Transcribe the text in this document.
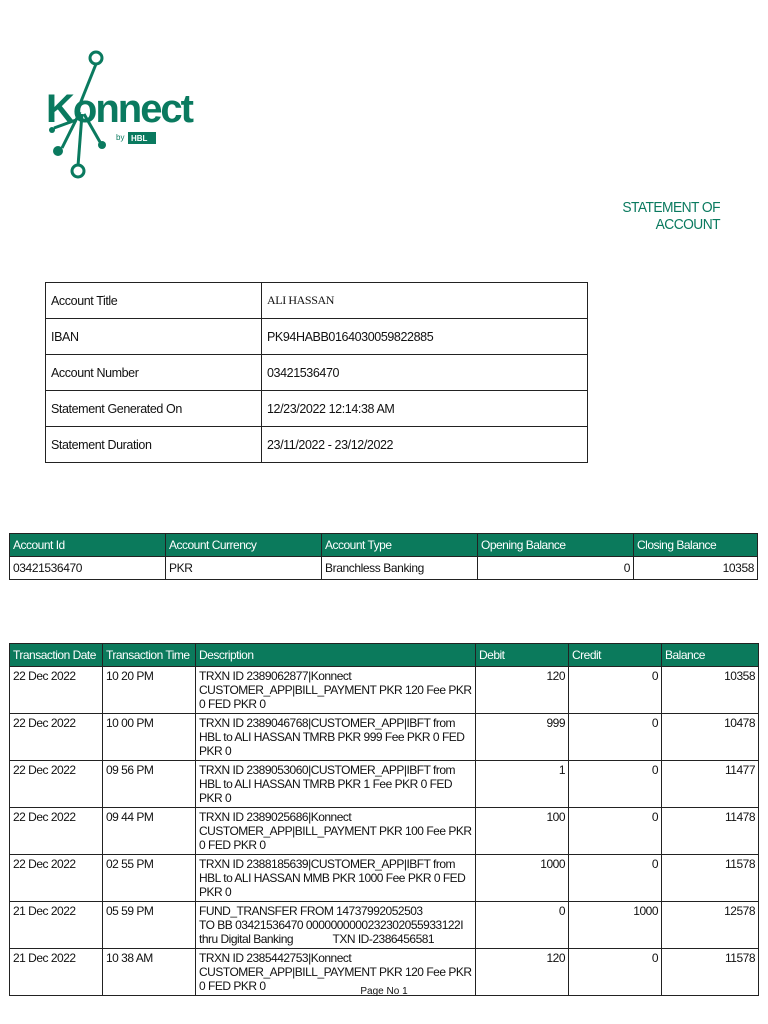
Konnect
by HBL
STATEMENT OF ACCOUNT
Account Title	ALI HASSAN
IBAN	PK94HABB0164030059822885
Account Number	03421536470
Statement Generated On	12/23/2022 12:14:38 AM
Statement Duration	23/11/2022 - 23/12/2022
Account Id	Account Currency	Account Type	Opening Balance	Closing Balance
03421536470	PKR	Branchless Banking	0	10358
Transaction Date	Transaction Time	Description	Debit	Credit	Balance
22 Dec 2022	10 20 PM	TRXN ID 2389062877|Konnect CUSTOMER_APP|BILL_PAYMENT PKR 120 Fee PKR 0 FED PKR 0	120	0	10358
22 Dec 2022	10 00 PM	TRXN ID 2389046768|CUSTOMER_APP|IBFT from HBL to ALI HASSAN TMRB PKR 999 Fee PKR 0 FED PKR 0	999	0	10478
22 Dec 2022	09 56 PM	TRXN ID 2389053060|CUSTOMER_APP|IBFT from HBL to ALI HASSAN TMRB PKR 1 Fee PKR 0 FED PKR 0	1	0	11477
22 Dec 2022	09 44 PM	TRXN ID 2389025686|Konnect CUSTOMER_APP|BILL_PAYMENT PKR 100 Fee PKR 0 FED PKR 0	100	0	11478
22 Dec 2022	02 55 PM	TRXN ID 2388185639|CUSTOMER_APP|IBFT from HBL to ALI HASSAN MMB PKR 1000 Fee PKR 0 FED PKR 0	1000	0	11578
21 Dec 2022	05 59 PM	FUND_TRANSFER FROM 14737992052503                TO BB 03421536470 0000000000232302055933122I       thru Digital Banking              TXN ID-2386456581	0	1000	12578
21 Dec 2022	10 38 AM	TRXN ID 2385442753|Konnect CUSTOMER_APP|BILL_PAYMENT PKR 120 Fee PKR 0 FED PKR 0	120	0	11578
Page No 1
